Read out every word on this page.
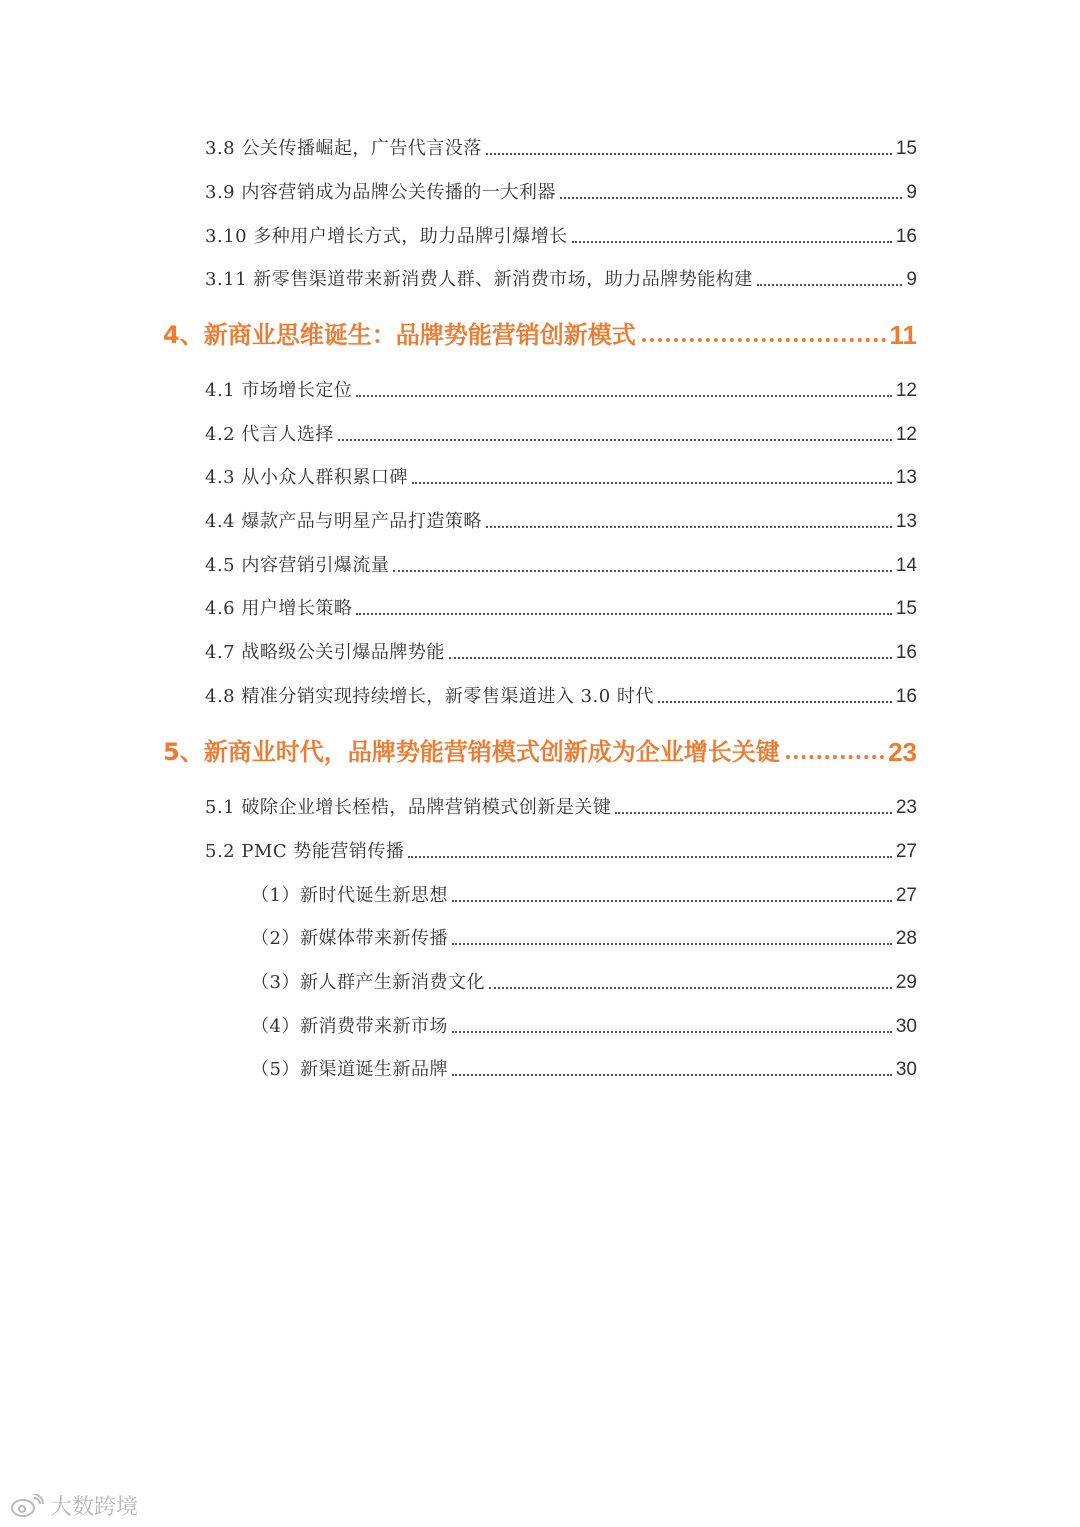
3.8 公关传播崛起，广告代言没落	15
3.9 内容营销成为品牌公关传播的一大利器	9
3.10 多种用户增长方式，助力品牌引爆增长	16
3.11 新零售渠道带来新消费人群、新消费市场，助力品牌势能构建	9
4、新商业思维诞生：品牌势能营销创新模式	11
4.1 市场增长定位	12
4.2 代言人选择	12
4.3 从小众人群积累口碑	13
4.4 爆款产品与明星产品打造策略	13
4.5 内容营销引爆流量	14
4.6 用户增长策略	15
4.7 战略级公关引爆品牌势能	16
4.8 精准分销实现持续增长，新零售渠道进入 3.0 时代	16
5、新商业时代，品牌势能营销模式创新成为企业增长关键	23
5.1 破除企业增长桎梏，品牌营销模式创新是关键	23
5.2 PMC 势能营销传播	27
（1）新时代诞生新思想	27
（2）新媒体带来新传播	28
（3）新人群产生新消费文化	29
（4）新消费带来新市场	30
（5）新渠道诞生新品牌	30
大数跨境
